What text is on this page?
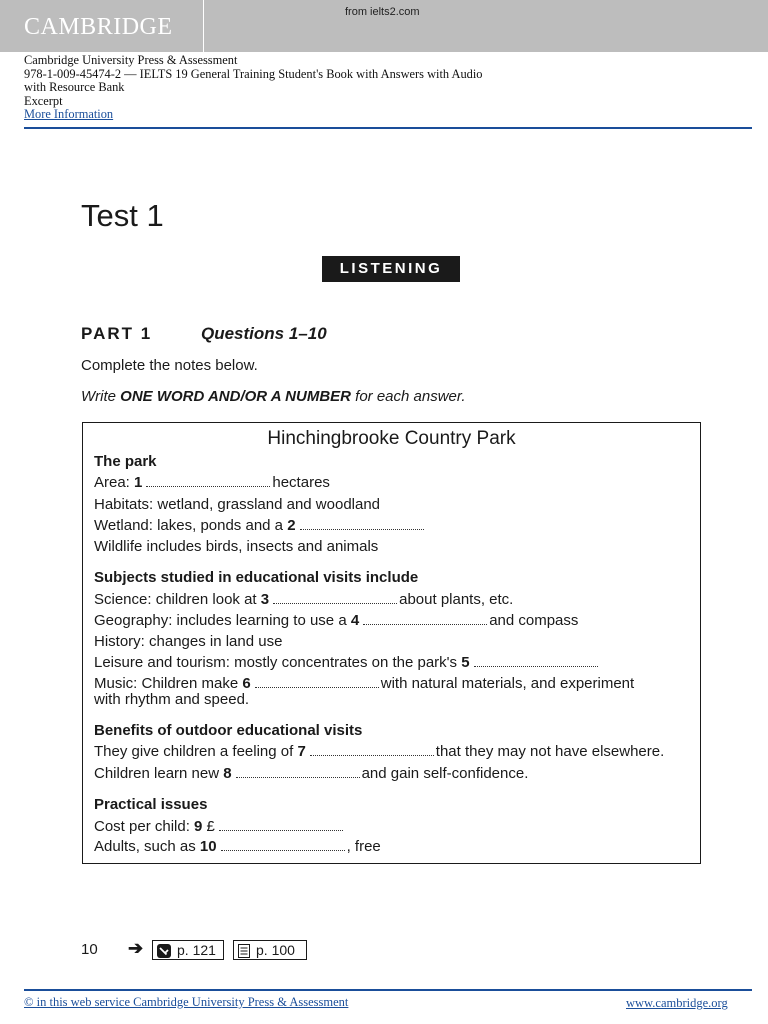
CAMBRIDGE
from ielts2.com
Cambridge University Press & Assessment
978-1-009-45474-2 — IELTS 19 General Training Student's Book with Answers with Audio
with Resource Bank
Excerpt
More Information
Test 1
LISTENING
PART 1	Questions 1–10
Complete the notes below.
Write ONE WORD AND/OR A NUMBER for each answer.
Hinchingbrooke Country Park
The park
Area: 1	hectares
Habitats: wetland, grassland and woodland
Wetland: lakes, ponds and a 2
Wildlife includes birds, insects and animals
Subjects studied in educational visits include
Science: children look at 3	about plants, etc.
Geography: includes learning to use a 4	and compass
History: changes in land use
Leisure and tourism: mostly concentrates on the park's 5
Music: Children make 6	with natural materials, and experiment
with rhythm and speed.
Benefits of outdoor educational visits
They give children a feeling of 7	that they may not have elsewhere.
Children learn new 8	and gain self-confidence.
Practical issues
Cost per child: 9 £
Adults, such as 10	, free
10 ➔	p. 121	p. 100
© in this web service Cambridge University Press & Assessment	www.cambridge.org
